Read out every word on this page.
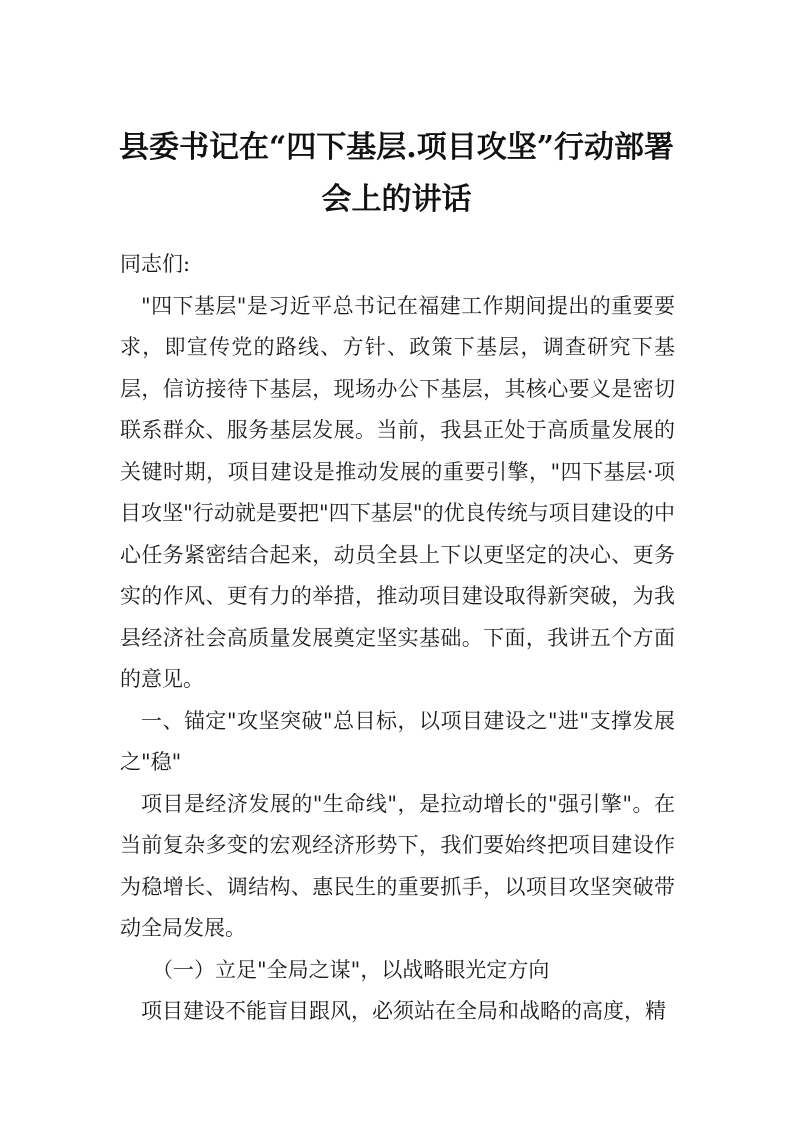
县委书记在“四下基层.项目攻坚”行动部署
会上的讲话

同志们:

"四下基层"是习近平总书记在福建工作期间提出的重要要求，即宣传党的路线、方针、政策下基层，调查研究下基层，信访接待下基层，现场办公下基层，其核心要义是密切联系群众、服务基层发展。当前，我县正处于高质量发展的关键时期，项目建设是推动发展的重要引擎，"四下基层·项目攻坚"行动就是要把"四下基层"的优良传统与项目建设的中心任务紧密结合起来，动员全县上下以更坚定的决心、更务实的作风、更有力的举措，推动项目建设取得新突破，为我县经济社会高质量发展奠定坚实基础。下面，我讲五个方面的意见。

一、锚定"攻坚突破"总目标，以项目建设之"进"支撑发展之"稳"

项目是经济发展的"生命线"，是拉动增长的"强引擎"。在当前复杂多变的宏观经济形势下，我们要始终把项目建设作为稳增长、调结构、惠民生的重要抓手，以项目攻坚突破带动全局发展。

（一）立足"全局之谋"，以战略眼光定方向

项目建设不能盲目跟风，必须站在全局和战略的高度，精
